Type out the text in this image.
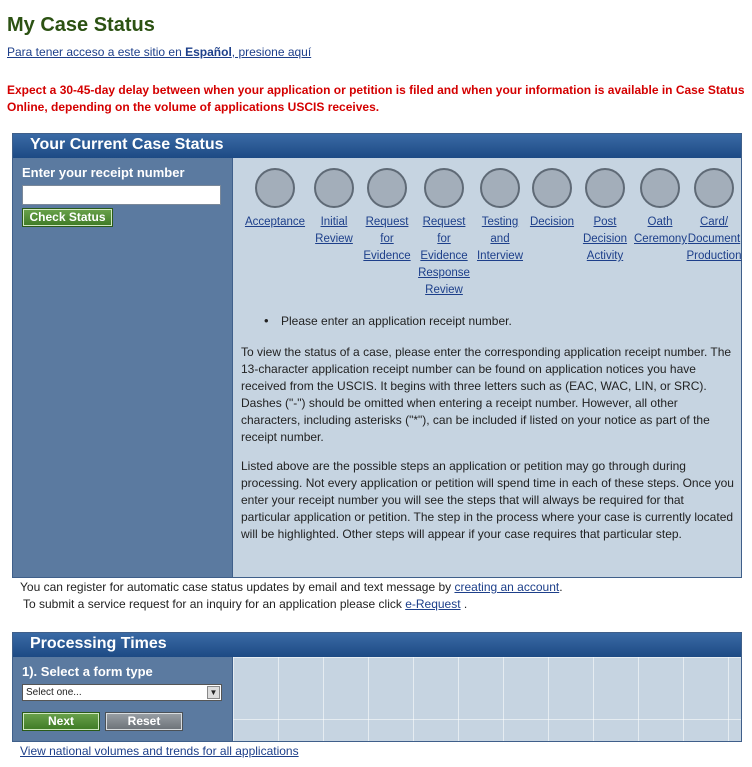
My Case Status
Para tener acceso a este sitio en Español, presione aquí
Expect a 30-45-day delay between when your application or petition is filed and when your information is available in Case Status Online, depending on the volume of applications USCIS receives.
Your Current Case Status
Enter your receipt number
Check Status	Acceptance	Initial
Review
Request
for
Evidence
Request
for
Evidence
Response
Review
Testing
and
Interview
Decision	Post
Decision
Activity
Oath
Ceremony
Card/
Document
Production
• Please enter an application receipt number.
To view the status of a case, please enter the corresponding application receipt number. The 13-character application receipt number can be found on application notices you have received from the USCIS. It begins with three letters such as (EAC, WAC, LIN, or SRC). Dashes ("-") should be omitted when entering a receipt number. However, all other characters, including asterisks ("*"), can be included if listed on your notice as part of the receipt number.
Listed above are the possible steps an application or petition may go through during processing. Not every application or petition will spend time in each of these steps. Once you enter your receipt number you will see the steps that will always be required for that particular application or petition. The step in the process where your case is currently located will be highlighted. Other steps will appear if your case requires that particular step.
You can register for automatic case status updates by email and text message by creating an account.
To submit a service request for an inquiry for an application please click e-Request .
Processing Times
1). Select a form type
Select one...	▼
Next	Reset
View national volumes and trends for all applications
